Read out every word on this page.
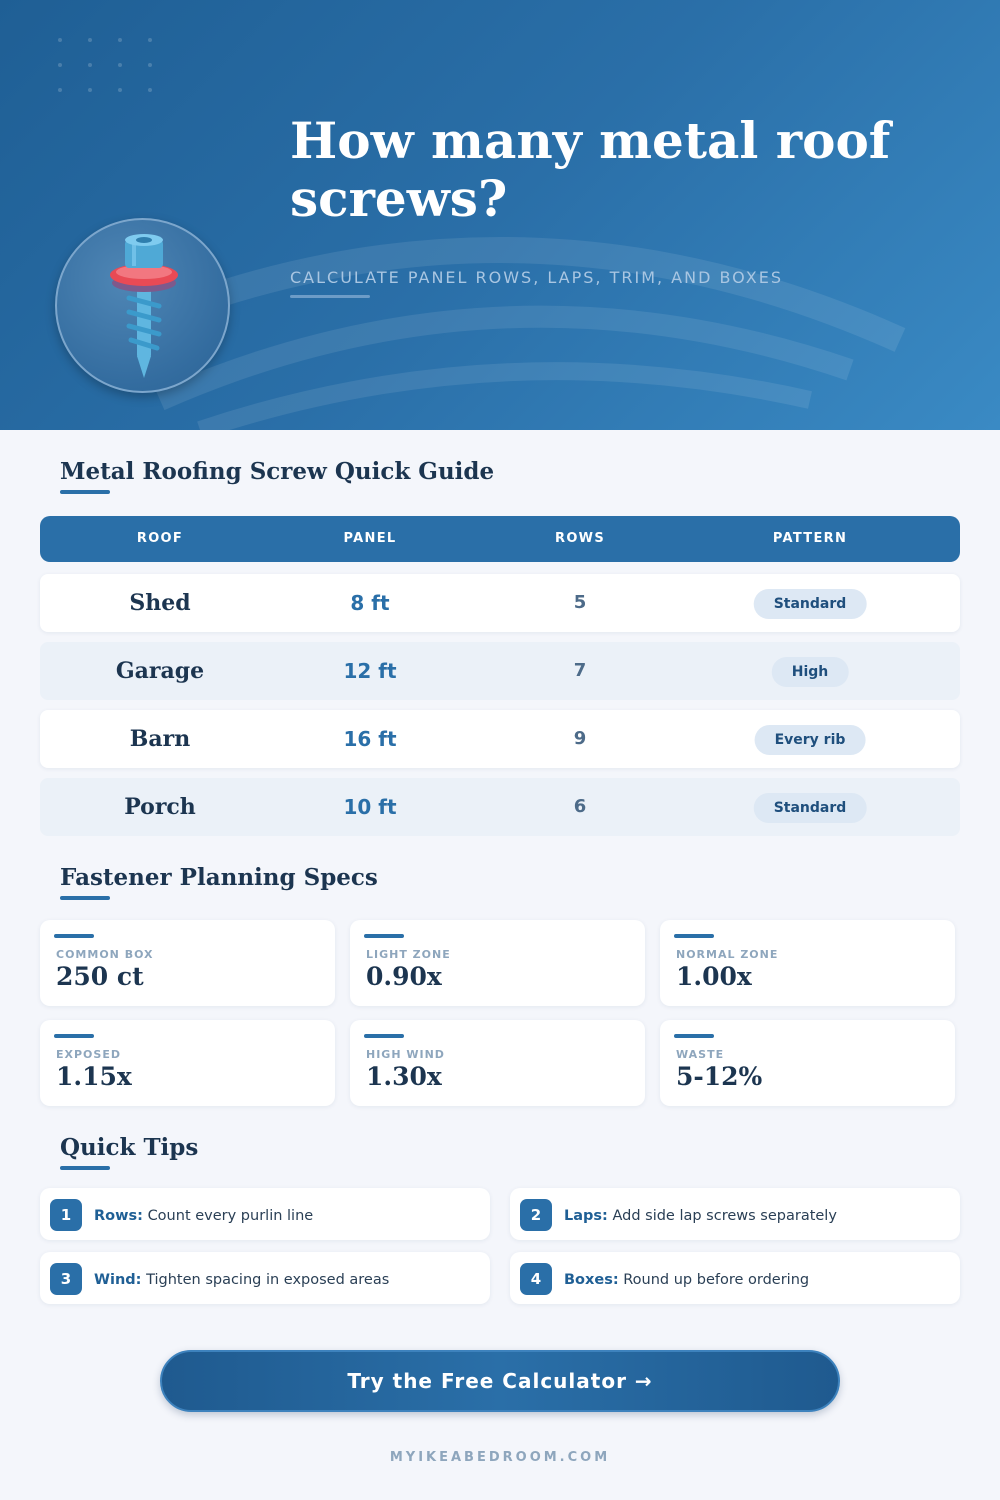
How many metal roof screws?
CALCULATE PANEL ROWS, LAPS, TRIM, AND BOXES
Metal Roofing Screw Quick Guide
ROOF	PANEL	ROWS	PATTERN
Shed	8 ft	5	Standard
Garage	12 ft	7	High
Barn	16 ft	9	Every rib
Porch	10 ft	6	Standard
Fastener Planning Specs
COMMON BOX
250 ct
LIGHT ZONE
0.90x
NORMAL ZONE
1.00x
EXPOSED
1.15x
HIGH WIND
1.30x
WASTE
5-12%
Quick Tips
1	Rows: Count every purlin line	2	Laps: Add side lap screws separately
3	Wind: Tighten spacing in exposed areas	4	Boxes: Round up before ordering
Try the Free Calculator →
MYIKEABEDROOM.COM
